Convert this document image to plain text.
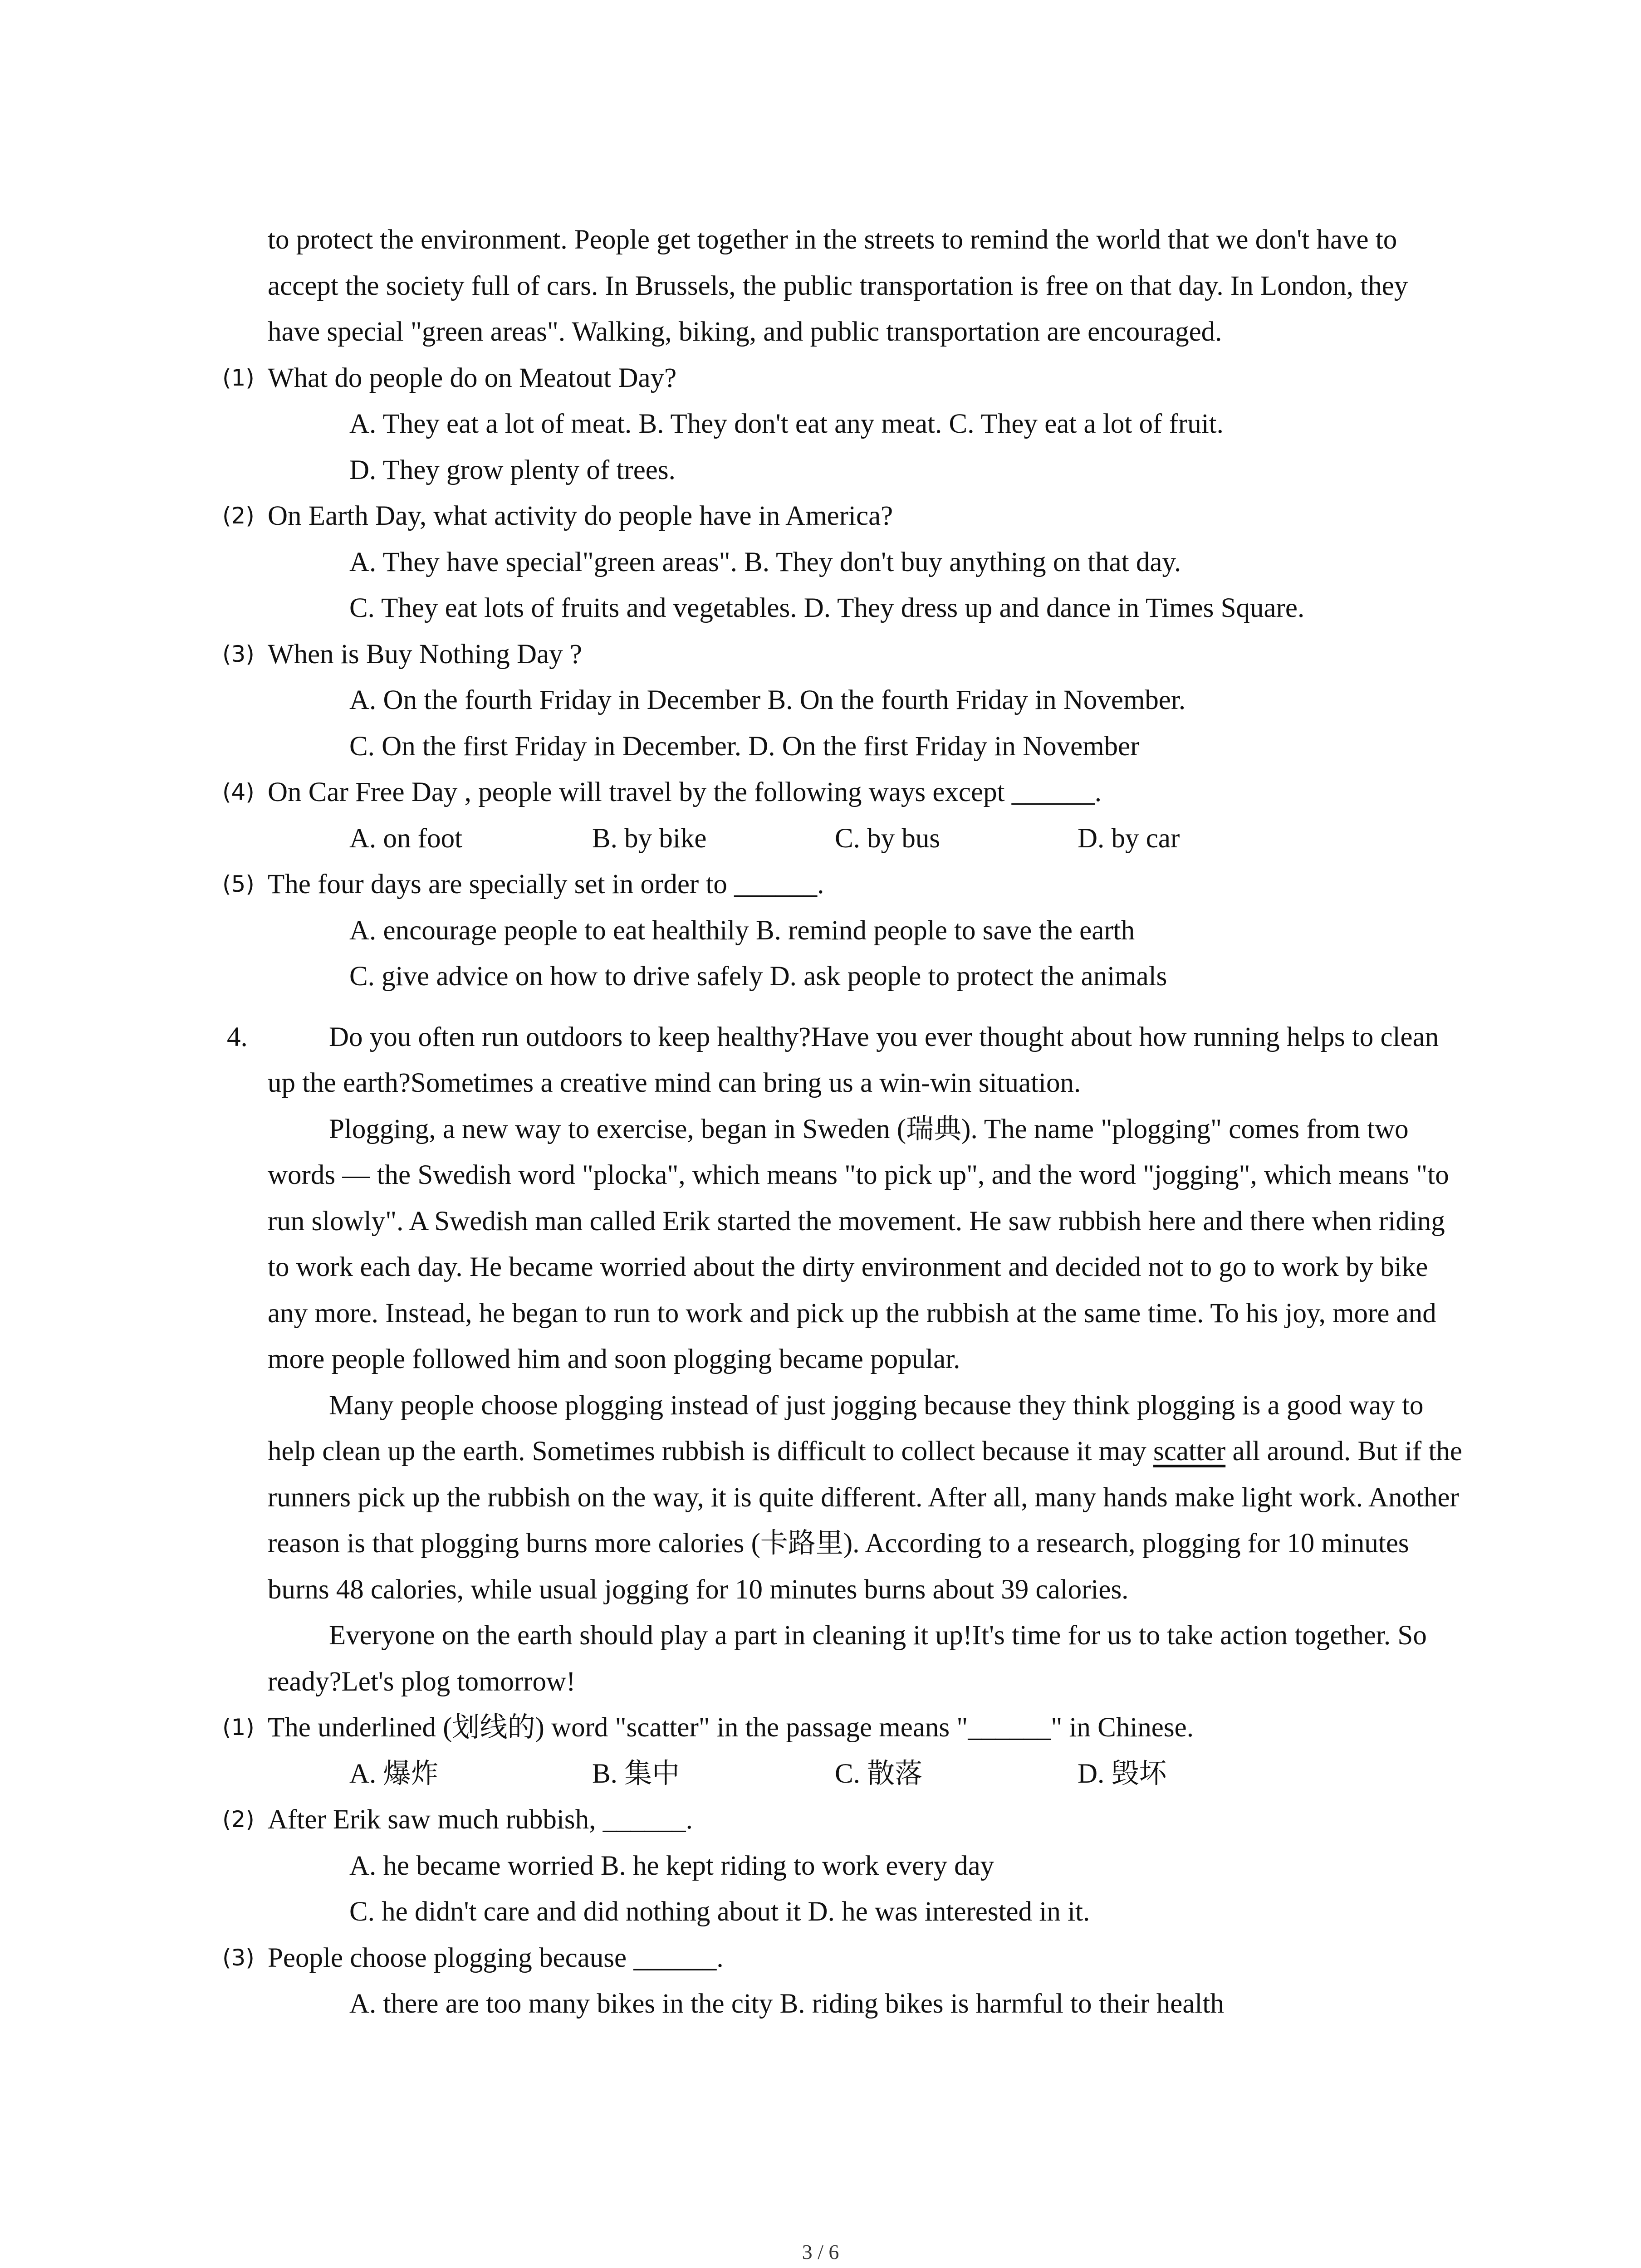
to protect the environment. People get together in the streets to remind the world that we don't have to accept the society full of cars. In Brussels, the public transportation is free on that day. In London, they have special "green areas". Walking, biking, and public transportation are encouraged.

(1) What do people do on Meatout Day?
A. They eat a lot of meat. B. They don't eat any meat. C. They eat a lot of fruit.
D. They grow plenty of trees.
(2) On Earth Day, what activity do people have in America?
A. They have special"green areas". B. They don't buy anything on that day.
C. They eat lots of fruits and vegetables. D. They dress up and dance in Times Square.
(3) When is Buy Nothing Day ?
A. On the fourth Friday in December B. On the fourth Friday in November.
C. On the first Friday in December. D. On the first Friday in November
(4) On Car Free Day , people will travel by the following ways except ______.
A. on foot	B. by bike	C. by bus	D. by car
(5) The four days are specially set in order to ______.
A. encourage people to eat healthily B. remind people to save the earth
C. give advice on how to drive safely D. ask people to protect the animals
4.	Do you often run outdoors to keep healthy?Have you ever thought about how running helps to clean up the earth?Sometimes a creative mind can bring us a win-win situation.

Plogging, a new way to exercise, began in Sweden (瑞典). The name "plogging" comes from two words — the Swedish word "plocka", which means "to pick up", and the word "jogging", which means "to run slowly". A Swedish man called Erik started the movement. He saw rubbish here and there when riding to work each day. He became worried about the dirty environment and decided not to go to work by bike any more. Instead, he began to run to work and pick up the rubbish at the same time. To his joy, more and more people followed him and soon plogging became popular.

Many people choose plogging instead of just jogging because they think plogging is a good way to help clean up the earth. Sometimes rubbish is difficult to collect because it may scatter all around. But if the runners pick up the rubbish on the way, it is quite different. After all, many hands make light work. Another reason is that plogging burns more calories (卡路里). According to a research, plogging for 10 minutes burns 48 calories, while usual jogging for 10 minutes burns about 39 calories.

Everyone on the earth should play a part in cleaning it up!It's time for us to take action together. So ready?Let's plog tomorrow!

(1) The underlined (划线的) word "scatter" in the passage means "______" in Chinese.
A. 爆炸	B. 集中	C. 散落	D. 毁坏
(2) After Erik saw much rubbish, ______.
A. he became worried B. he kept riding to work every day
C. he didn't care and did nothing about it D. he was interested in it.
(3) People choose plogging because ______.
A. there are too many bikes in the city B. riding bikes is harmful to their health
3 / 6
